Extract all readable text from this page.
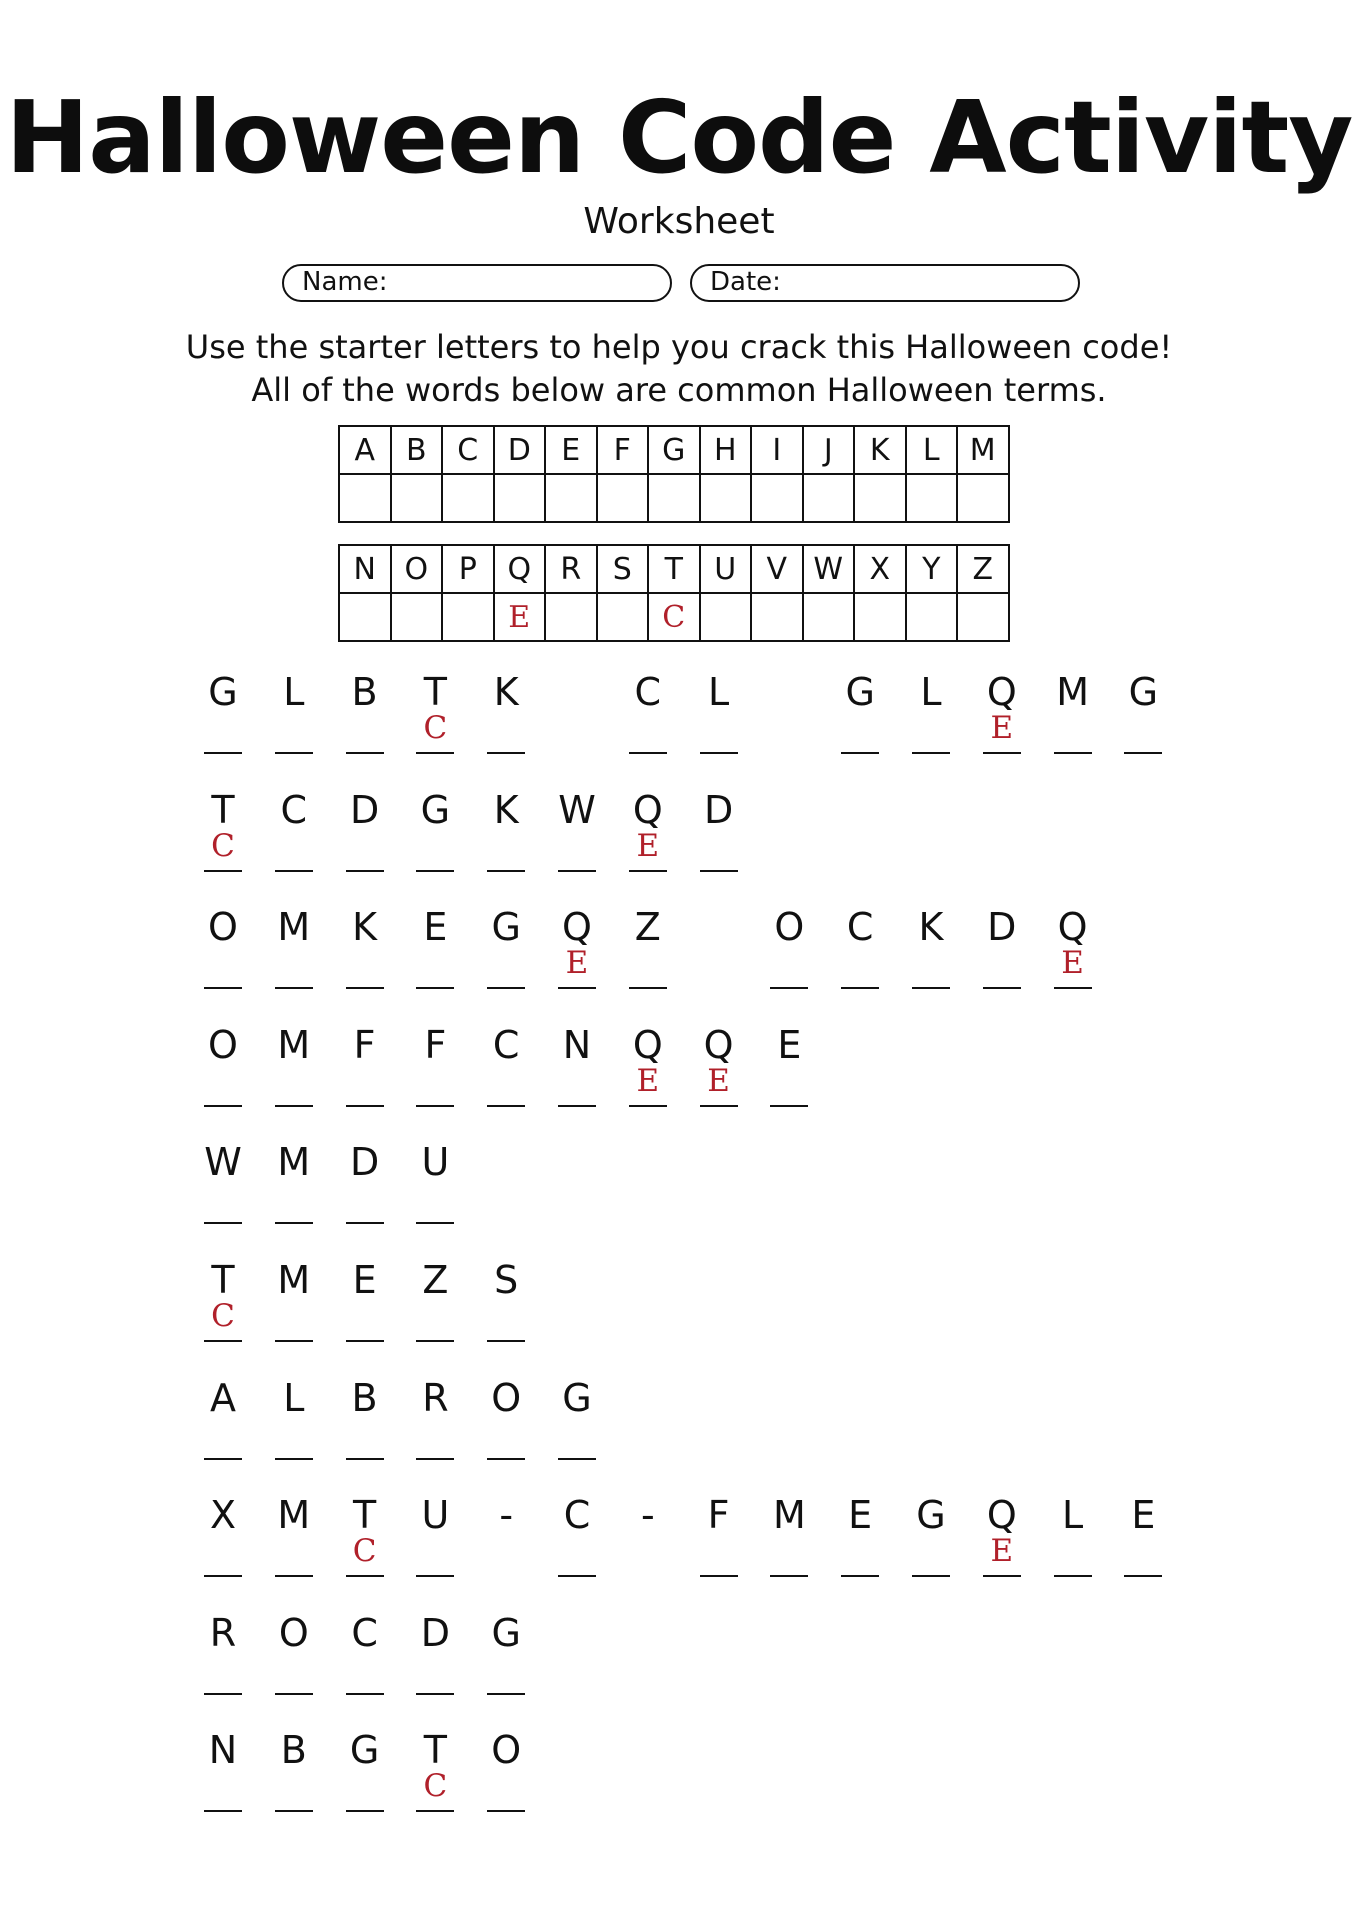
Halloween Code Activity
Worksheet
Name:	Date:
Use the starter letters to help you crack this Halloween code!
All of the words below are common Halloween terms.
A	B	C	D	E	F	G	H	I	J	K	L	M

N	O	P	Q	R	S	T	U	V	W	X	Y	Z
			E			C						
G L B T
C
K	C L	G L Q
E
M G
T
C
C D G K W Q
E
D
O M K E G Q
E
Z	O C K D Q
E
O M F F C N Q
E
Q
E
E
W M D U
T
C
M E Z S
A L B R O G
X M T
C
U	-	C	-	F M E G Q
E
L E
R O C D G
N B G T
C
O
